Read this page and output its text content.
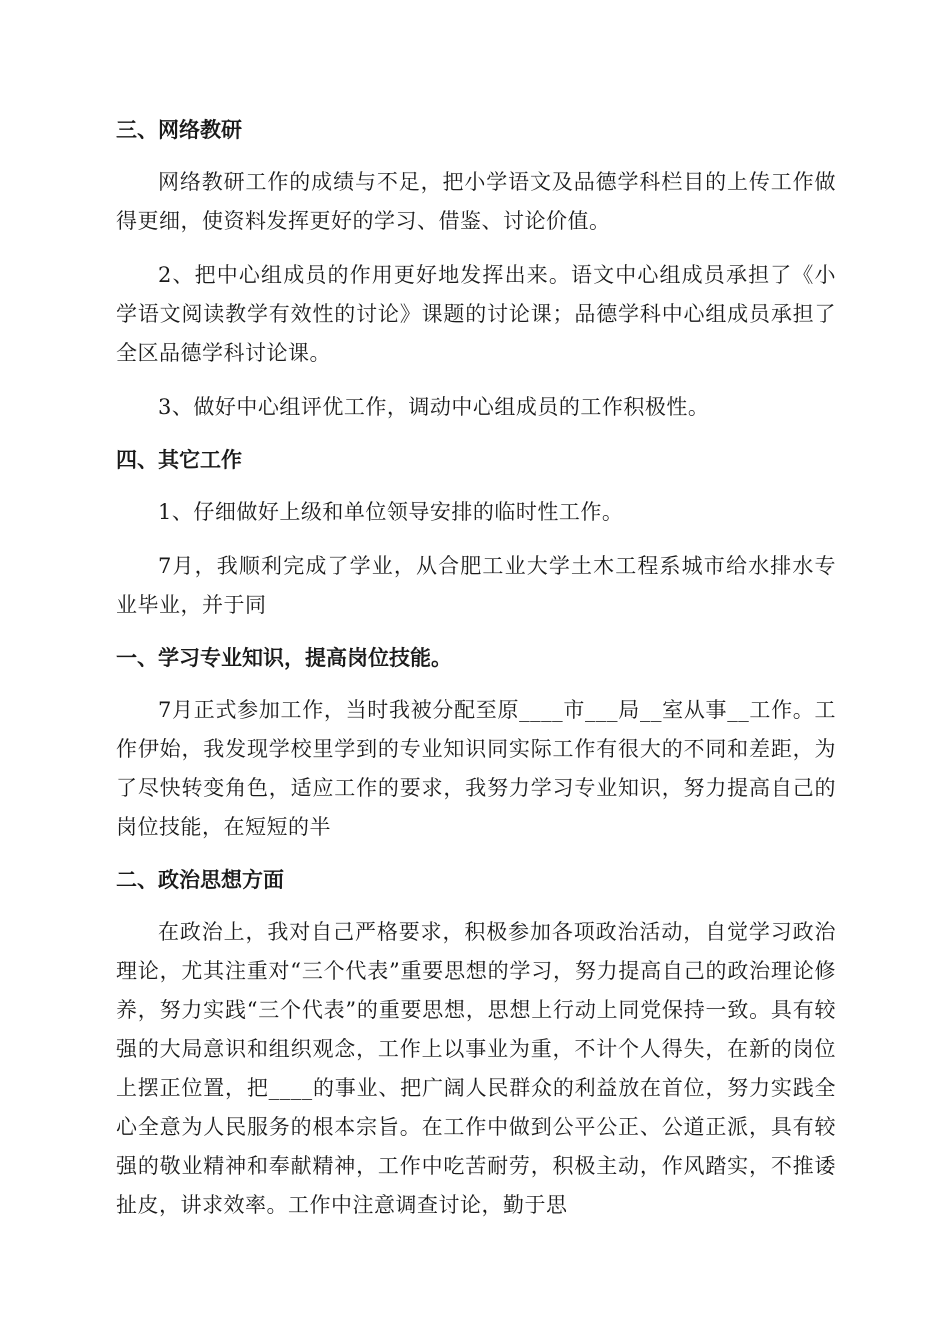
三、网络教研

网络教研工作的成绩与不足，把小学语文及品德学科栏目的上传工作做得更细，使资料发挥更好的学习、借鉴、讨论价值。

2、把中心组成员的作用更好地发挥出来。语文中心组成员承担了《小学语文阅读教学有效性的讨论》课题的讨论课；品德学科中心组成员承担了全区品德学科讨论课。

3、做好中心组评优工作，调动中心组成员的工作积极性。

四、其它工作

1、仔细做好上级和单位领导安排的临时性工作。

7月，我顺利完成了学业，从合肥工业大学土木工程系城市给水排水专业毕业，并于同

一、学习专业知识，提高岗位技能。

7月正式参加工作，当时我被分配至原____市___局__室从事__工作。工作伊始，我发现学校里学到的专业知识同实际工作有很大的不同和差距，为了尽快转变角色，适应工作的要求，我努力学习专业知识，努力提高自己的岗位技能，在短短的半

二、政治思想方面

在政治上，我对自己严格要求，积极参加各项政治活动，自觉学习政治理论，尤其注重对“三个代表”重要思想的学习，努力提高自己的政治理论修养，努力实践“三个代表”的重要思想，思想上行动上同党保持一致。具有较强的大局意识和组织观念，工作上以事业为重，不计个人得失，在新的岗位上摆正位置，把____的事业、把广阔人民群众的利益放在首位，努力实践全心全意为人民服务的根本宗旨。在工作中做到公平公正、公道正派，具有较强的敬业精神和奉献精神，工作中吃苦耐劳，积极主动，作风踏实，不推诿扯皮，讲求效率。工作中注意调查讨论，勤于思
